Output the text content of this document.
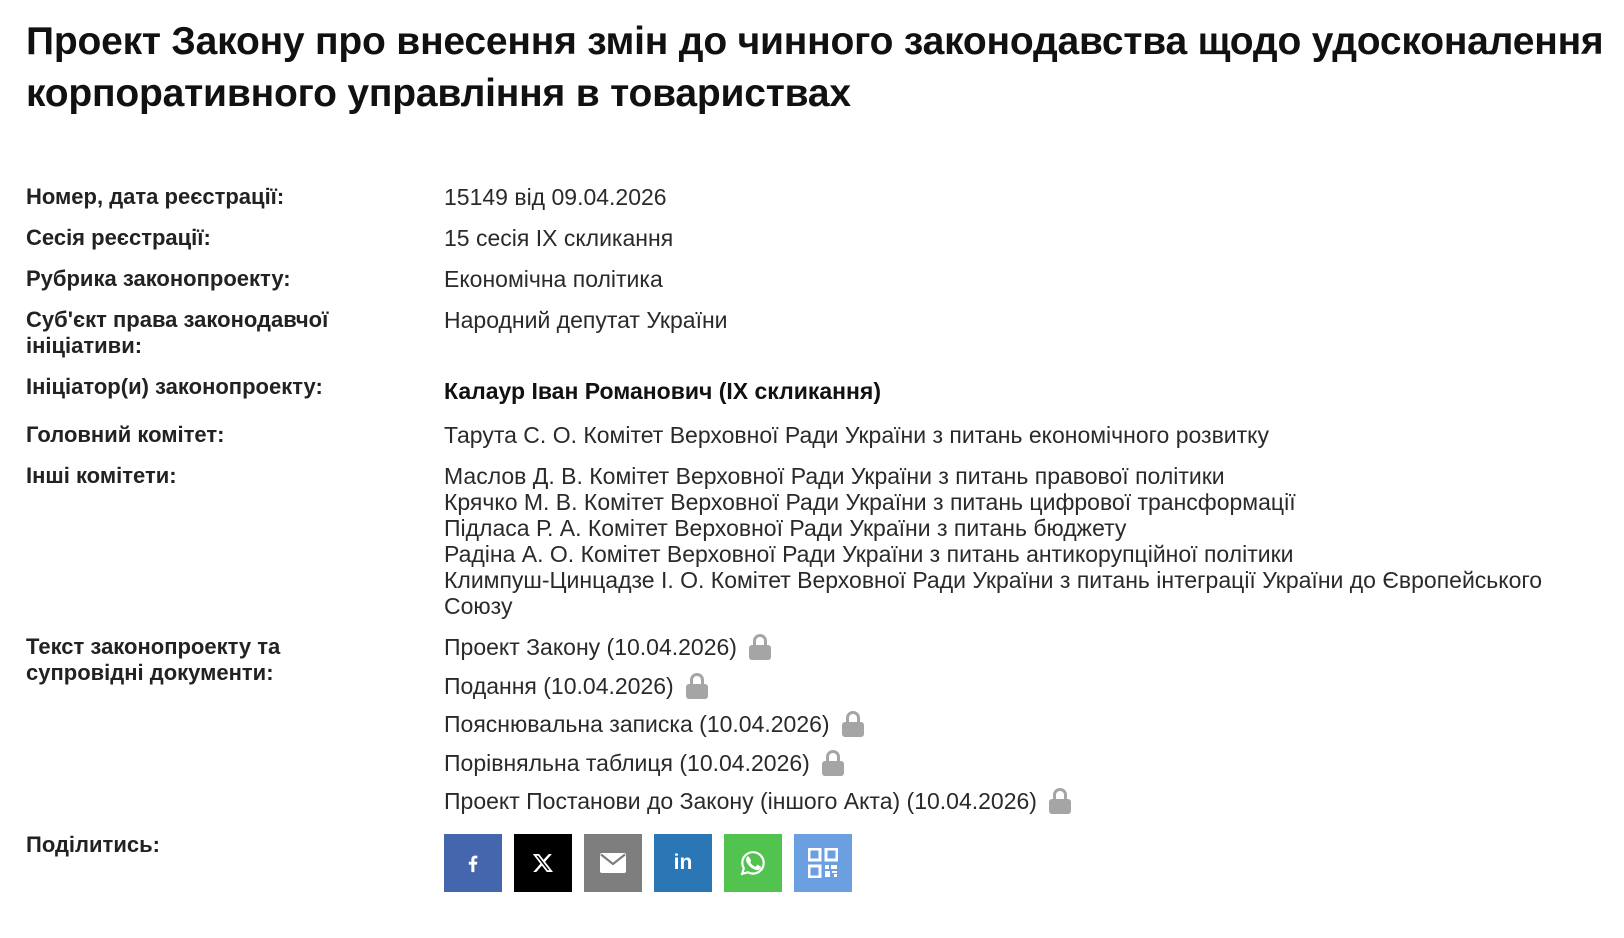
Проект Закону про внесення змін до чинного законодавства щодо удосконалення корпоративного управління в товариствах
Номер, дата реєстрації:	15149 від 09.04.2026
Сесія реєстрації:	15 сесія IX скликання
Рубрика законопроекту:	Економічна політика
Суб'єкт права законодавчої
ініціативи:
Народний депутат України
Ініціатор(и) законопроекту:	Калаур Іван Романович (IX скликання)
Головний комітет:	Тарута С. О. Комітет Верховної Ради України з питань економічного розвитку
Інші комітети:	Маслов Д. В. Комітет Верховної Ради України з питань правової політики
Крячко М. В. Комітет Верховної Ради України з питань цифрової трансформації
Підласа Р. А. Комітет Верховної Ради України з питань бюджету
Радіна А. О. Комітет Верховної Ради України з питань антикорупційної політики
Климпуш-Цинцадзе І. О. Комітет Верховної Ради України з питань інтеграції України до Європейського Союзу
Текст законопроекту та
супровідні документи:
Проект Закону (10.04.2026)
Подання (10.04.2026)
Пояснювальна записка (10.04.2026)
Порівняльна таблиця (10.04.2026)
Проект Постанови до Закону (іншого Акта) (10.04.2026)
Поділитись:
in
